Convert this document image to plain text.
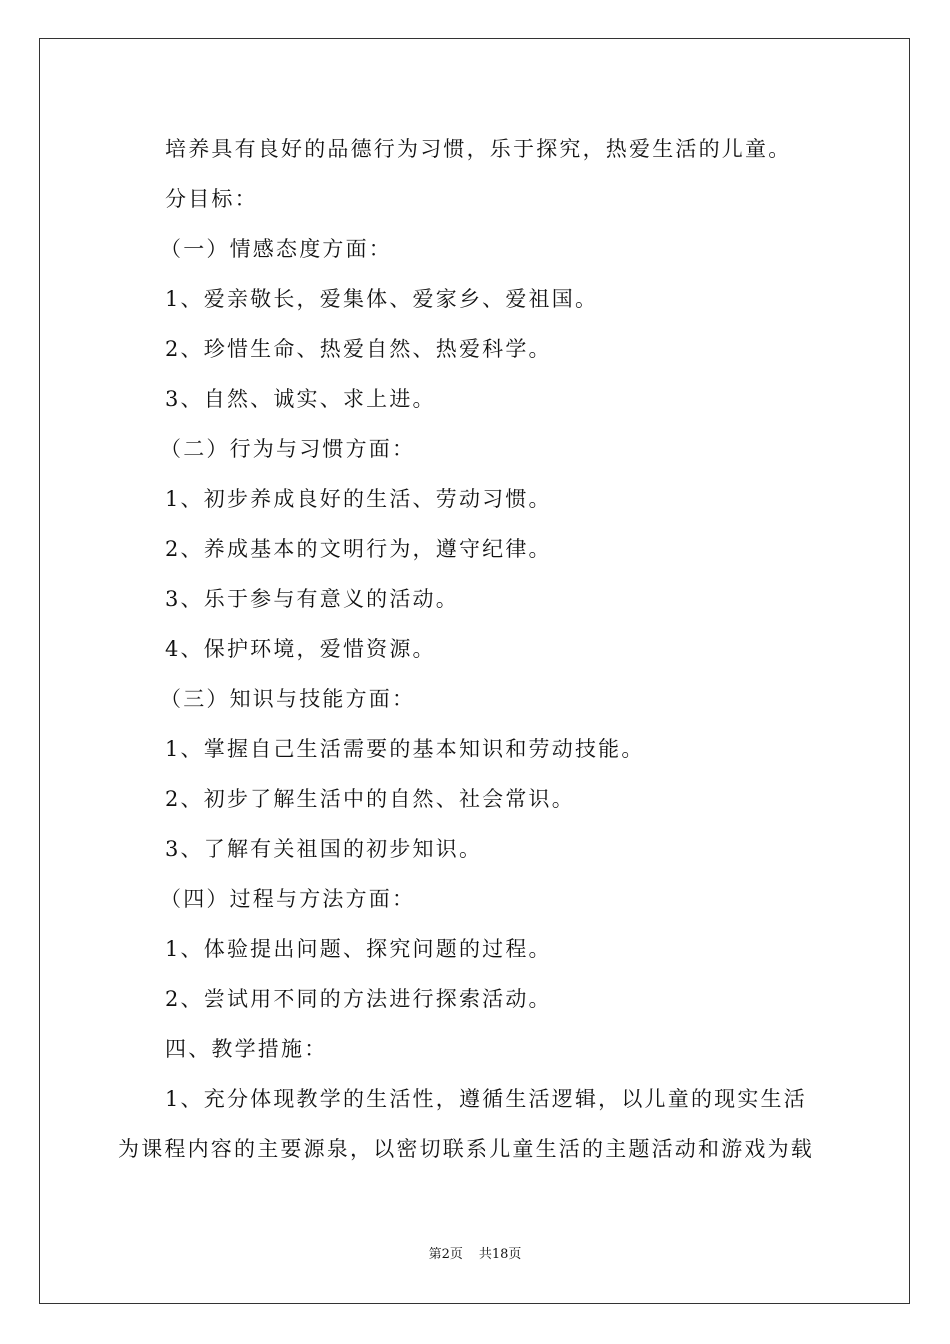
培养具有良好的品德行为习惯，乐于探究，热爱生活的儿童。
分目标：
（一）情感态度方面：
1、爱亲敬长，爱集体、爱家乡、爱祖国。
2、珍惜生命、热爱自然、热爱科学。
3、自然、诚实、求上进。
（二）行为与习惯方面：
1、初步养成良好的生活、劳动习惯。
2、养成基本的文明行为，遵守纪律。
3、乐于参与有意义的活动。
4、保护环境，爱惜资源。
（三）知识与技能方面：
1、掌握自己生活需要的基本知识和劳动技能。
2、初步了解生活中的自然、社会常识。
3、了解有关祖国的初步知识。
（四）过程与方法方面：
1、体验提出问题、探究问题的过程。
2、尝试用不同的方法进行探索活动。
四、教学措施：
1、充分体现教学的生活性，遵循生活逻辑，以儿童的现实生活
为课程内容的主要源泉，以密切联系儿童生活的主题活动和游戏为载
第2页 共18页
